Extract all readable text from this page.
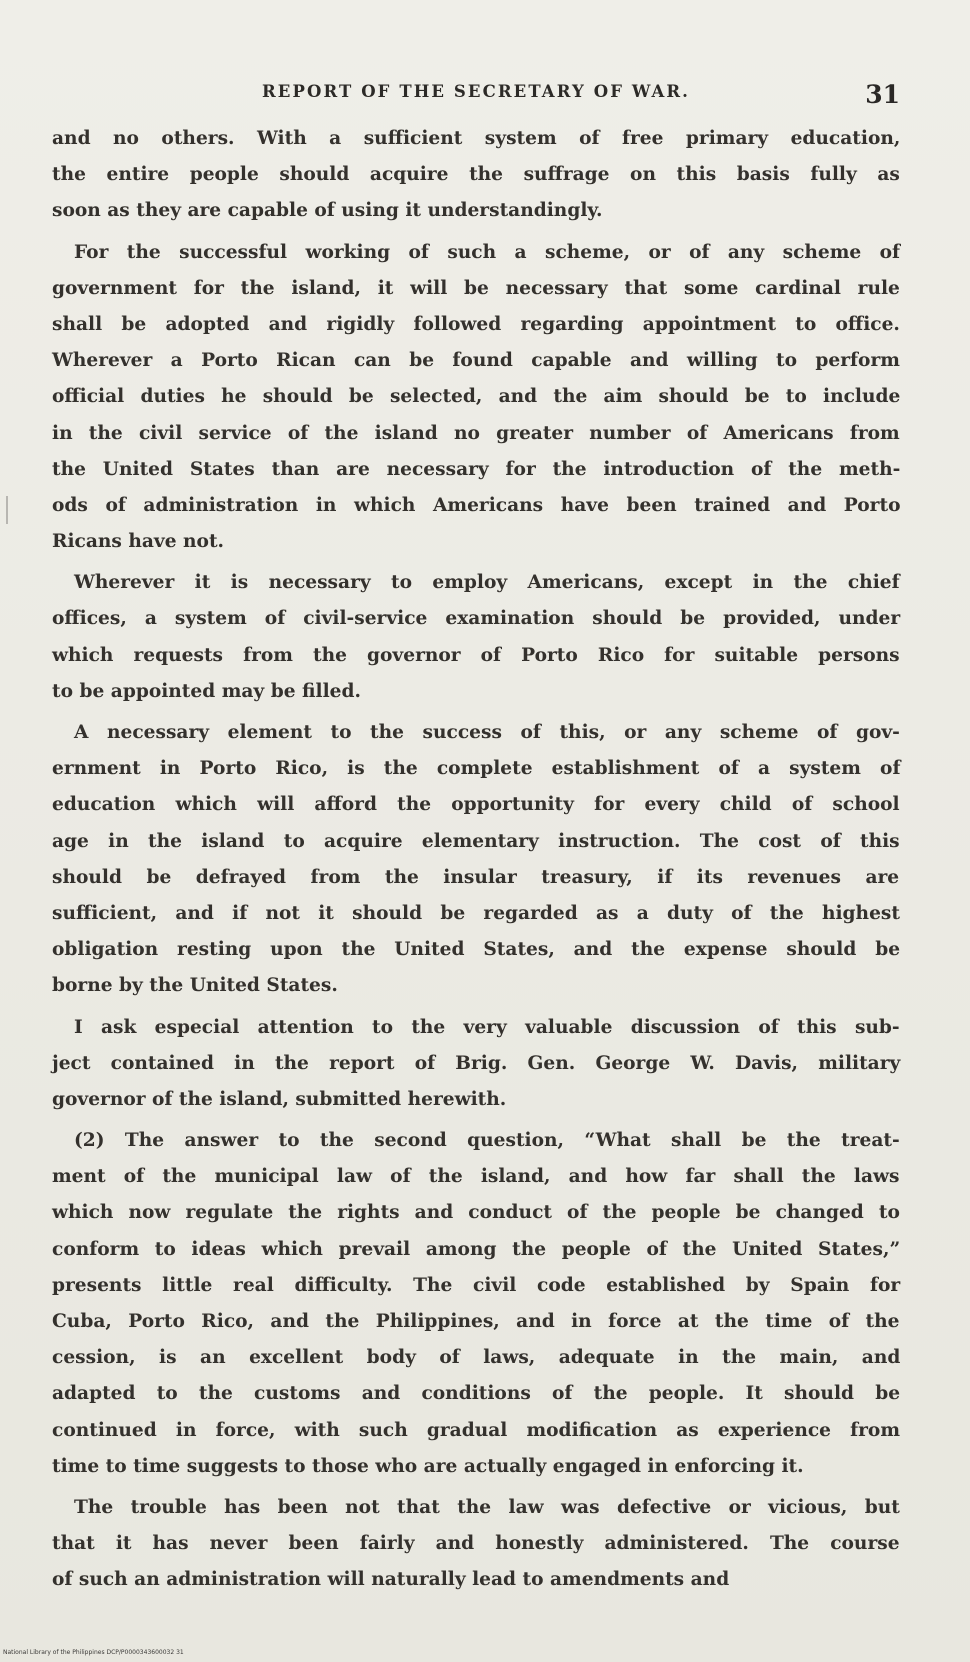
REPORT OF THE SECRETARY OF WAR.	31
and no others. With a sufficient system of free primary education,
the entire people should acquire the suffrage on this basis fully as
soon as they are capable of using it understandingly.
For the successful working of such a scheme, or of any scheme of
government for the island, it will be necessary that some cardinal rule
shall be adopted and rigidly followed regarding appointment to office.
Wherever a Porto Rican can be found capable and willing to perform
official duties he should be selected, and the aim should be to include
in the civil service of the island no greater number of Americans from
the United States than are necessary for the introduction of the meth-
ods of administration in which Americans have been trained and Porto
Ricans have not.
Wherever it is necessary to employ Americans, except in the chief
offices, a system of civil-service examination should be provided, under
which requests from the governor of Porto Rico for suitable persons
to be appointed may be filled.
A necessary element to the success of this, or any scheme of gov-
ernment in Porto Rico, is the complete establishment of a system of
education which will afford the opportunity for every child of school
age in the island to acquire elementary instruction. The cost of this
should be defrayed from the insular treasury, if its revenues are
sufficient, and if not it should be regarded as a duty of the highest
obligation resting upon the United States, and the expense should be
borne by the United States.
I ask especial attention to the very valuable discussion of this sub-
ject contained in the report of Brig. Gen. George W. Davis, military
governor of the island, submitted herewith.
(2) The answer to the second question, “What shall be the treat-
ment of the municipal law of the island, and how far shall the laws
which now regulate the rights and conduct of the people be changed to
conform to ideas which prevail among the people of the United States,”
presents little real difficulty. The civil code established by Spain for
Cuba, Porto Rico, and the Philippines, and in force at the time of the
cession, is an excellent body of laws, adequate in the main, and
adapted to the customs and conditions of the people. It should be
continued in force, with such gradual modification as experience from
time to time suggests to those who are actually engaged in enforcing it.
The trouble has been not that the law was defective or vicious, but
that it has never been fairly and honestly administered. The course
of such an administration will naturally lead to amendments and
National Library of the Philippines DCP/P0000343600032 31
